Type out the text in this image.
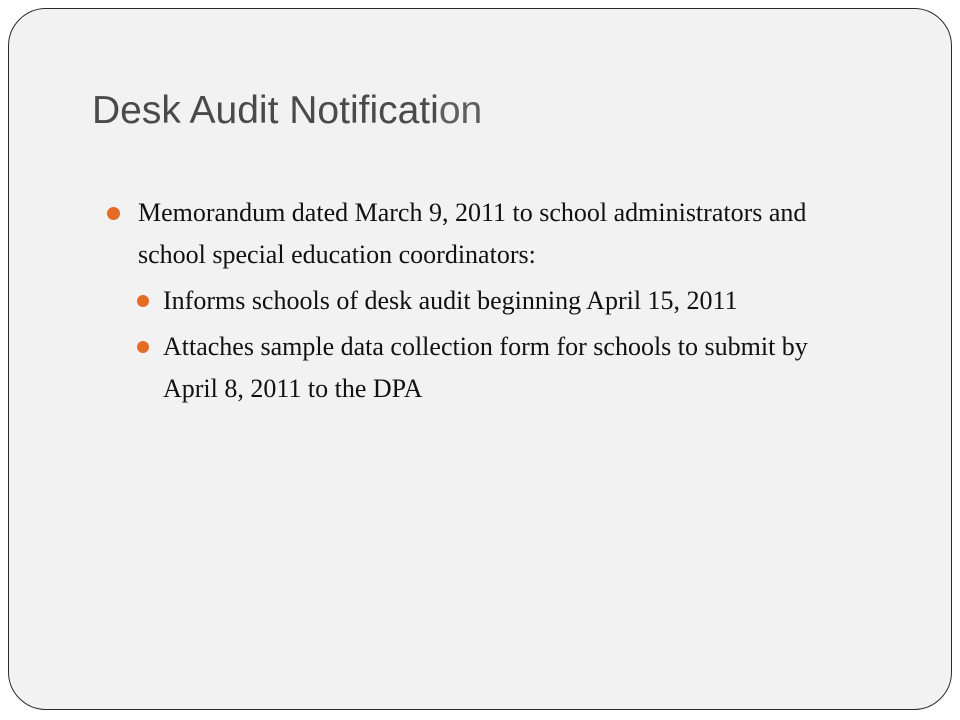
Desk Audit Notification
Memorandum dated March 9, 2011 to school administrators and school special education coordinators:
Informs schools of desk audit beginning April 15, 2011
Attaches sample data collection form for schools to submit by April 8, 2011 to the DPA
